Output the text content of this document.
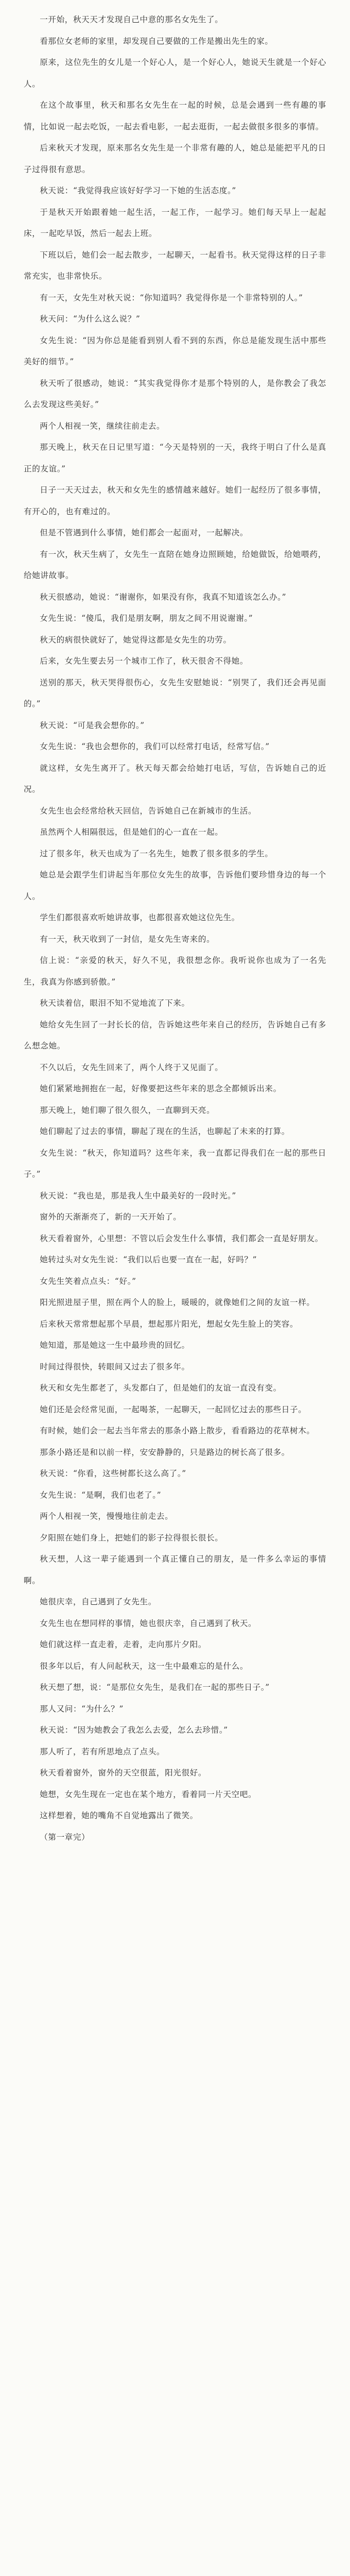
一开始，秋天天才发现自己中意的那名女先生了。

看那位女老师的家里，却发现自己要做的工作是搬出先生的家。

原来，这位先生的女儿是一个好心人，是一个好心人，她说天生就是一个好心人。

在这个故事里，秋天和那名女先生在一起的时候，总是会遇到一些有趣的事情，比如说一起去吃饭，一起去看电影，一起去逛街，一起去做很多很多的事情。

后来秋天才发现，原来那名女先生是一个非常有趣的人，她总是能把平凡的日子过得很有意思。

秋天说：“我觉得我应该好好学习一下她的生活态度。”

于是秋天开始跟着她一起生活，一起工作，一起学习。她们每天早上一起起床，一起吃早饭，然后一起去上班。

下班以后，她们会一起去散步，一起聊天，一起看书。秋天觉得这样的日子非常充实，也非常快乐。

有一天，女先生对秋天说：“你知道吗？我觉得你是一个非常特别的人。”

秋天问：“为什么这么说？”

女先生说：“因为你总是能看到别人看不到的东西，你总是能发现生活中那些美好的细节。”

秋天听了很感动，她说：“其实我觉得你才是那个特别的人，是你教会了我怎么去发现这些美好。”

两个人相视一笑，继续往前走去。

那天晚上，秋天在日记里写道：“今天是特别的一天，我终于明白了什么是真正的友谊。”

日子一天天过去，秋天和女先生的感情越来越好。她们一起经历了很多事情，有开心的，也有难过的。

但是不管遇到什么事情，她们都会一起面对，一起解决。

有一次，秋天生病了，女先生一直陪在她身边照顾她，给她做饭，给她喂药，给她讲故事。

秋天很感动，她说：“谢谢你，如果没有你，我真不知道该怎么办。”

女先生说：“傻瓜，我们是朋友啊，朋友之间不用说谢谢。”

秋天的病很快就好了，她觉得这都是女先生的功劳。

后来，女先生要去另一个城市工作了，秋天很舍不得她。

送别的那天，秋天哭得很伤心，女先生安慰她说：“别哭了，我们还会再见面的。”

秋天说：“可是我会想你的。”

女先生说：“我也会想你的，我们可以经常打电话，经常写信。”

就这样，女先生离开了。秋天每天都会给她打电话，写信，告诉她自己的近况。

女先生也会经常给秋天回信，告诉她自己在新城市的生活。

虽然两个人相隔很远，但是她们的心一直在一起。

过了很多年，秋天也成为了一名先生，她教了很多很多的学生。

她总是会跟学生们讲起当年那位女先生的故事，告诉他们要珍惜身边的每一个人。

学生们都很喜欢听她讲故事，也都很喜欢她这位先生。

有一天，秋天收到了一封信，是女先生寄来的。

信上说：“亲爱的秋天，好久不见，我很想念你。我听说你也成为了一名先生，我真为你感到骄傲。”

秋天读着信，眼泪不知不觉地流了下来。

她给女先生回了一封长长的信，告诉她这些年来自己的经历，告诉她自己有多么想念她。

不久以后，女先生回来了，两个人终于又见面了。

她们紧紧地拥抱在一起，好像要把这些年来的思念全都倾诉出来。

那天晚上，她们聊了很久很久，一直聊到天亮。

她们聊起了过去的事情，聊起了现在的生活，也聊起了未来的打算。

女先生说：“秋天，你知道吗？这些年来，我一直都记得我们在一起的那些日子。”

秋天说：“我也是，那是我人生中最美好的一段时光。”

窗外的天渐渐亮了，新的一天开始了。

秋天看着窗外，心里想：不管以后会发生什么事情，我们都会一直是好朋友。

她转过头对女先生说：“我们以后也要一直在一起，好吗？”

女先生笑着点点头：“好。”

阳光照进屋子里，照在两个人的脸上，暖暖的，就像她们之间的友谊一样。

后来秋天常常想起那个早晨，想起那片阳光，想起女先生脸上的笑容。

她知道，那是她这一生中最珍贵的回忆。

时间过得很快，转眼间又过去了很多年。

秋天和女先生都老了，头发都白了，但是她们的友谊一直没有变。

她们还是会经常见面，一起喝茶，一起聊天，一起回忆过去的那些日子。

有时候，她们会一起去当年常去的那条小路上散步，看看路边的花草树木。

那条小路还是和以前一样，安安静静的，只是路边的树长高了很多。

秋天说：“你看，这些树都长这么高了。”

女先生说：“是啊，我们也老了。”

两个人相视一笑，慢慢地往前走去。

夕阳照在她们身上，把她们的影子拉得很长很长。

秋天想，人这一辈子能遇到一个真正懂自己的朋友，是一件多么幸运的事情啊。

她很庆幸，自己遇到了女先生。

女先生也在想同样的事情，她也很庆幸，自己遇到了秋天。

她们就这样一直走着，走着，走向那片夕阳。

很多年以后，有人问起秋天，这一生中最难忘的是什么。

秋天想了想，说：“是那位女先生，是我们在一起的那些日子。”

那人又问：“为什么？”

秋天说：“因为她教会了我怎么去爱，怎么去珍惜。”

那人听了，若有所思地点了点头。

秋天看着窗外，窗外的天空很蓝，阳光很好。

她想，女先生现在一定也在某个地方，看着同一片天空吧。

这样想着，她的嘴角不自觉地露出了微笑。

（第一章完）
